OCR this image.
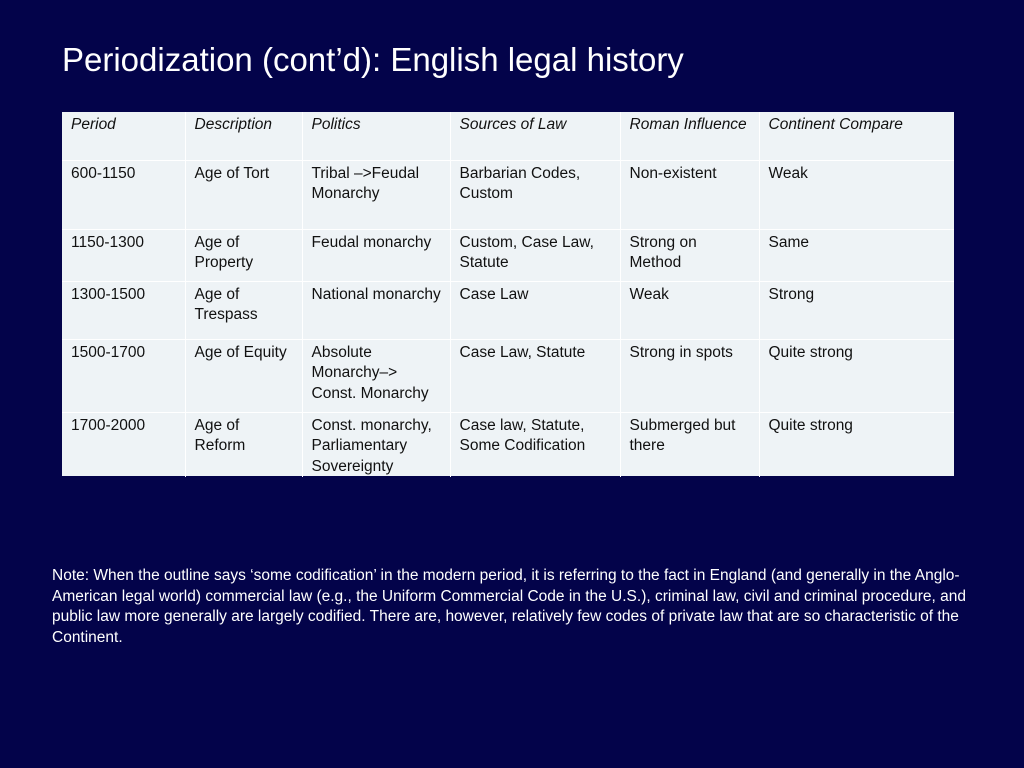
Periodization (cont’d): English legal history
Period	Description	Politics	Sources of Law	Roman Influence	Continent Compare
600-1150	Age of Tort	Tribal –>Feudal Monarchy	Barbarian Codes, Custom	Non-existent	Weak
1150-1300	Age of Property	Feudal monarchy	Custom, Case Law, Statute	Strong on Method	Same
1300-1500	Age of Trespass	National monarchy	Case Law	Weak	Strong
1500-1700	Age of Equity	Absolute Monarchy–> Const. Monarchy	Case Law, Statute	Strong in spots	Quite strong
1700-2000	Age of Reform	Const. monarchy, Parliamentary Sovereignty	Case law, Statute, Some Codification	Submerged but there	Quite strong

Note: When the outline says ‘some codification’ in the modern period, it is referring to the fact in England (and generally in the Anglo-American legal world) commercial law (e.g., the Uniform Commercial Code in the U.S.), criminal law, civil and criminal procedure, and public law more generally are largely codified. There are, however, relatively few codes of private law that are so characteristic of the Continent.
